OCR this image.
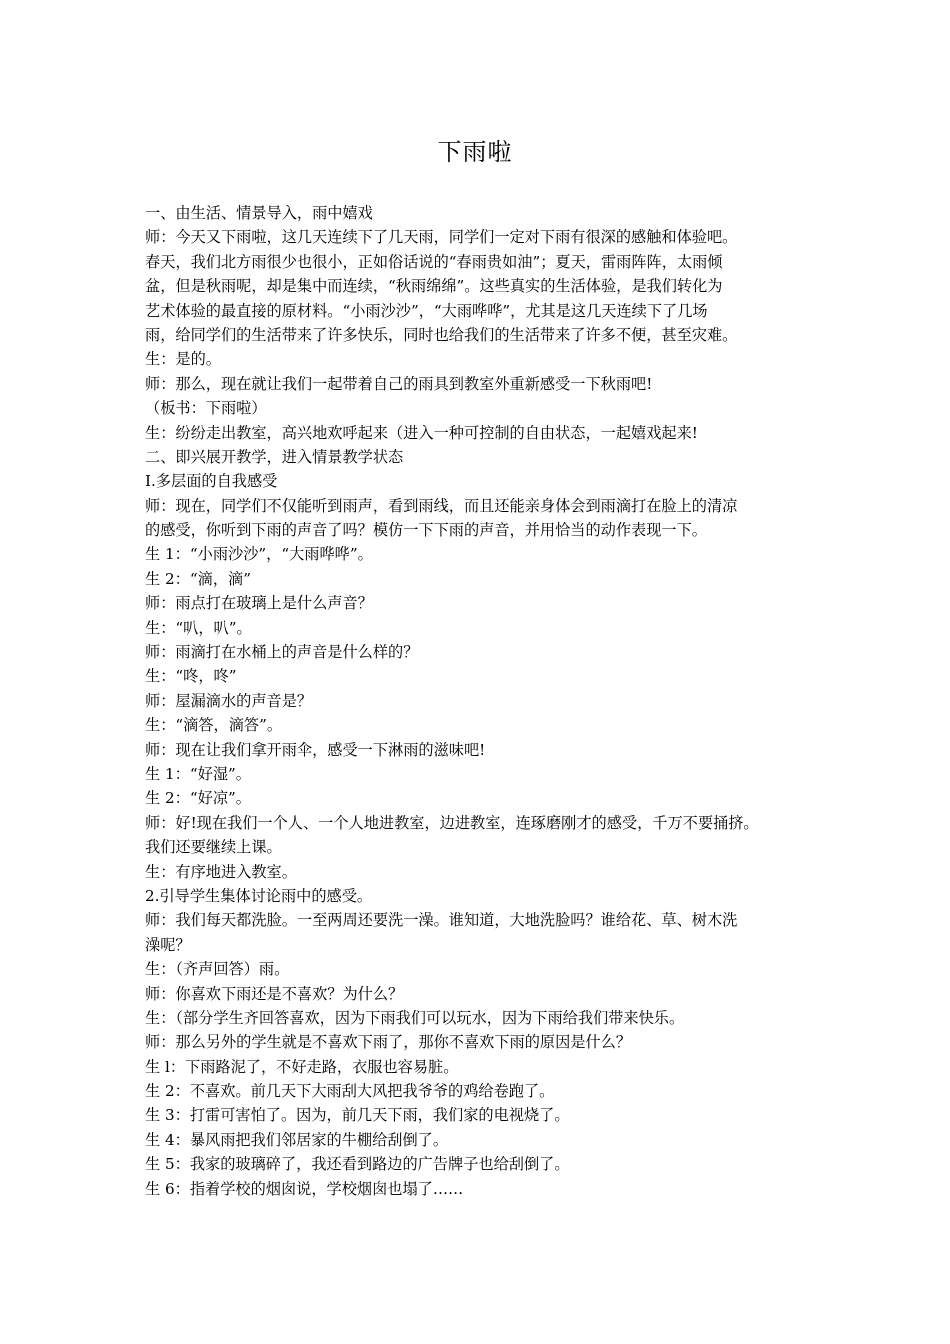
下雨啦
一、由生活、情景导入，雨中嬉戏
师：今天又下雨啦，这几天连续下了几天雨，同学们一定对下雨有很深的感触和体验吧。
春天，我们北方雨很少也很小，正如俗话说的“春雨贵如油”；夏天，雷雨阵阵，太雨倾
盆，但是秋雨呢，却是集中而连续，“秋雨绵绵”。这些真实的生活体验，是我们转化为
艺术体验的最直接的原材料。“小雨沙沙”，“大雨哗哗”，尤其是这几天连续下了几场
雨，给同学们的生活带来了许多快乐，同时也给我们的生活带来了许多不便，甚至灾难。
生：是的。
师：那么，现在就让我们一起带着自己的雨具到教室外重新感受一下秋雨吧!
（板书：下雨啦）
生：纷纷走出教室，高兴地欢呼起来（进入一种可控制的自由状态，一起嬉戏起来!
二、即兴展开教学，进入情景教学状态
I.多层面的自我感受
师：现在，同学们不仅能听到雨声，看到雨线，而且还能亲身体会到雨滴打在脸上的清凉
的感受，你听到下雨的声音了吗？模仿一下下雨的声音，并用恰当的动作表现一下。
生 1：“小雨沙沙”，“大雨哗哗”。
生 2：“滴，滴”
师：雨点打在玻璃上是什么声音？
生：“叭，叭”。
师：雨滴打在水桶上的声音是什么样的？
生：“咚，咚”
师：屋漏滴水的声音是？
生：“滴答，滴答”。
师：现在让我们拿开雨伞，感受一下淋雨的滋味吧!
生 1：“好湿”。
生 2：“好凉”。
师：好!现在我们一个人、一个人地进教室，边进教室，连琢磨刚才的感受，千万不要捅挤。
我们还要继续上课。
生：有序地进入教室。
2.引导学生集体讨论雨中的感受。
师：我们每天都洗脸。一至两周还要洗一澡。谁知道，大地洗脸吗？谁给花、草、树木洗
澡呢？
生：（齐声回答）雨。
师：你喜欢下雨还是不喜欢？为什么？
生：（部分学生齐回答喜欢，因为下雨我们可以玩水，因为下雨给我们带来快乐。
师：那么另外的学生就是不喜欢下雨了，那你不喜欢下雨的原因是什么？
生 l：下雨路泥了，不好走路，衣服也容易脏。
生 2：不喜欢。前几天下大雨刮大风把我爷爷的鸡给卷跑了。
生 3：打雷可害怕了。因为，前几天下雨，我们家的电视烧了。
生 4：暴风雨把我们邻居家的牛棚给刮倒了。
生 5：我家的玻璃碎了，我还看到路边的广告牌子也给刮倒了。
生 6：指着学校的烟囱说，学校烟囱也塌了……
